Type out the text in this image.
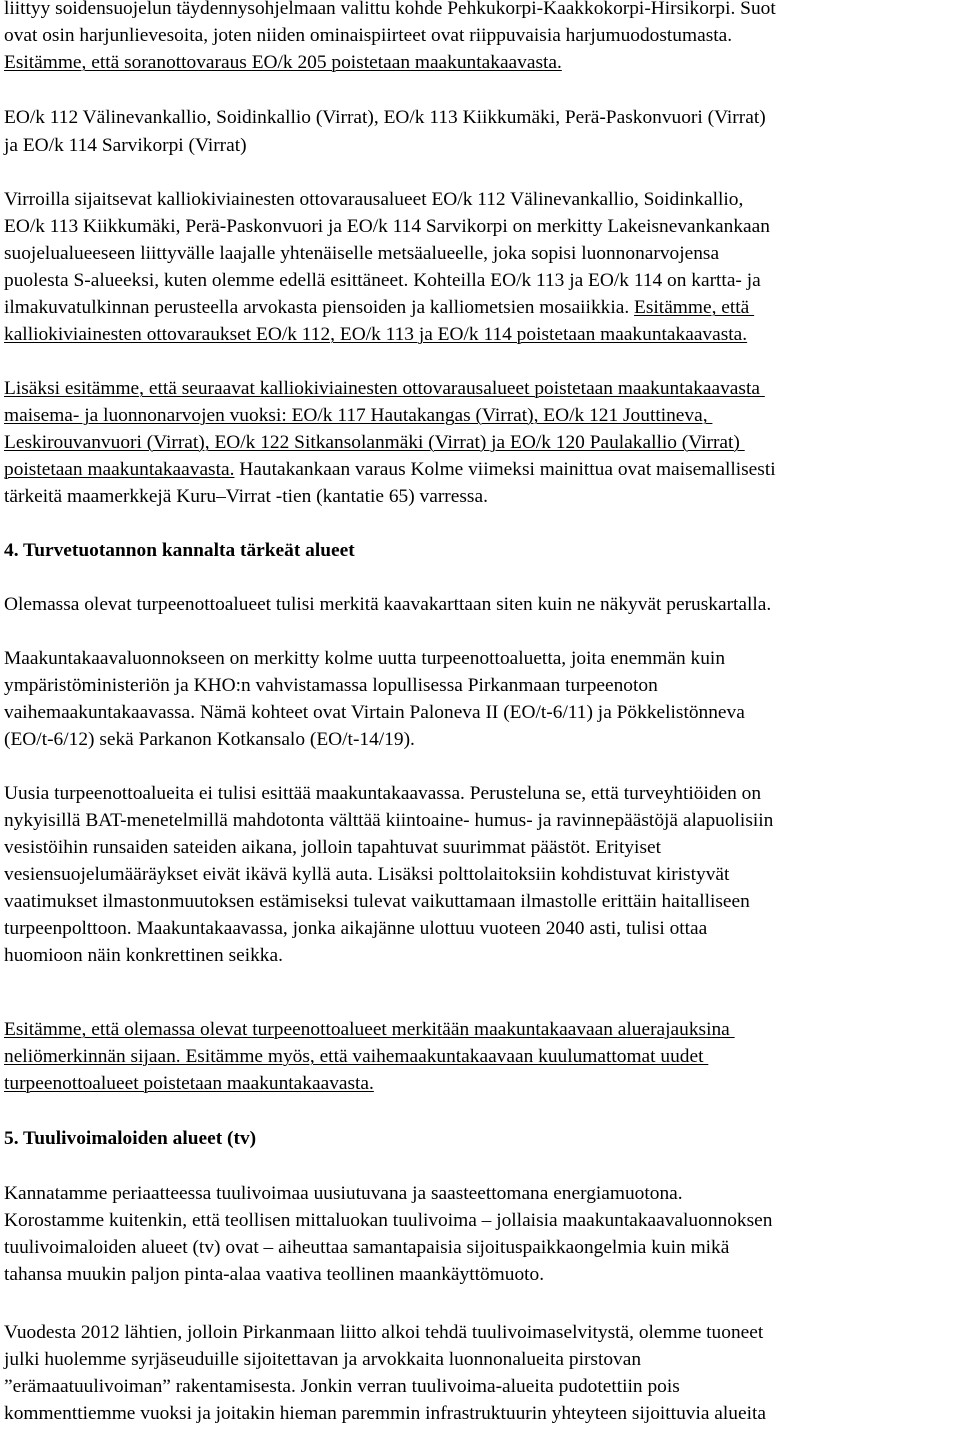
liittyy soidensuojelun täydennysohjelmaan valittu kohde Pehkukorpi-Kaakkokorpi-Hirsikorpi. Suot
ovat osin harjunlievesoita, joten niiden ominaispiirteet ovat riippuvaisia harjumuodostumasta.
Esitämme, että soranottovaraus EO/k 205 poistetaan maakuntakaavasta.
EO/k 112 Välinevankallio, Soidinkallio (Virrat), EO/k 113 Kiikkumäki, Perä-Paskonvuori (Virrat)
ja EO/k 114 Sarvikorpi (Virrat)
Virroilla sijaitsevat kalliokiviainesten ottovarausalueet EO/k 112 Välinevankallio, Soidinkallio,
EO/k 113 Kiikkumäki, Perä-Paskonvuori ja EO/k 114 Sarvikorpi on merkitty Lakeisnevankankaan
suojelualueeseen liittyvälle laajalle yhtenäiselle metsäalueelle, joka sopisi luonnonarvojensa
puolesta S-alueeksi, kuten olemme edellä esittäneet. Kohteilla EO/k 113 ja EO/k 114 on kartta- ja
ilmakuvatulkinnan perusteella arvokasta piensoiden ja kalliometsien mosaiikkia. Esitämme, että
kalliokiviainesten ottovaraukset EO/k 112, EO/k 113 ja EO/k 114 poistetaan maakuntakaavasta.
Lisäksi esitämme, että seuraavat kalliokiviainesten ottovarausalueet poistetaan maakuntakaavasta
maisema- ja luonnonarvojen vuoksi: EO/k 117 Hautakangas (Virrat), EO/k 121 Jouttineva,
Leskirouvanvuori (Virrat), EO/k 122 Sitkansolanmäki (Virrat) ja EO/k 120 Paulakallio (Virrat)
poistetaan maakuntakaavasta. Hautakankaan varaus Kolme viimeksi mainittua ovat maisemallisesti
tärkeitä maamerkkejä Kuru–Virrat -tien (kantatie 65) varressa.
4. Turvetuotannon kannalta tärkeät alueet
Olemassa olevat turpeenottoalueet tulisi merkitä kaavakarttaan siten kuin ne näkyvät peruskartalla.
Maakuntakaavaluonnokseen on merkitty kolme uutta turpeenottoaluetta, joita enemmän kuin
ympäristöministeriön ja KHO:n vahvistamassa lopullisessa Pirkanmaan turpeenoton
vaihemaakuntakaavassa. Nämä kohteet ovat Virtain Paloneva II (EO/t-6/11) ja Pökkelistönneva
(EO/t-6/12) sekä Parkanon Kotkansalo (EO/t-14/19).
Uusia turpeenottoalueita ei tulisi esittää maakuntakaavassa. Perusteluna se, että turveyhtiöiden on
nykyisillä BAT-menetelmillä mahdotonta välttää kiintoaine- humus- ja ravinnepäästöjä alapuolisiin
vesistöihin runsaiden sateiden aikana, jolloin tapahtuvat suurimmat päästöt. Erityiset
vesiensuojelumääräykset eivät ikävä kyllä auta. Lisäksi polttolaitoksiin kohdistuvat kiristyvät
vaatimukset ilmastonmuutoksen estämiseksi tulevat vaikuttamaan ilmastolle erittäin haitalliseen
turpeenpolttoon. Maakuntakaavassa, jonka aikajänne ulottuu vuoteen 2040 asti, tulisi ottaa
huomioon näin konkrettinen seikka.
Esitämme, että olemassa olevat turpeenottoalueet merkitään maakuntakaavaan aluerajauksina
neliömerkinnän sijaan. Esitämme myös, että vaihemaakuntakaavaan kuulumattomat uudet
turpeenottoalueet poistetaan maakuntakaavasta.
5. Tuulivoimaloiden alueet (tv)
Kannatamme periaatteessa tuulivoimaa uusiutuvana ja saasteettomana energiamuotona.
Korostamme kuitenkin, että teollisen mittaluokan tuulivoima – jollaisia maakuntakaavaluonnoksen
tuulivoimaloiden alueet (tv) ovat – aiheuttaa samantapaisia sijoituspaikkaongelmia kuin mikä
tahansa muukin paljon pinta-alaa vaativa teollinen maankäyttömuoto.
Vuodesta 2012 lähtien, jolloin Pirkanmaan liitto alkoi tehdä tuulivoimaselvitystä, olemme tuoneet
julki huolemme syrjäseuduille sijoitettavan ja arvokkaita luonnonalueita pirstovan
”erämaatuulivoiman” rakentamisesta. Jonkin verran tuulivoima-alueita pudotettiin pois
kommenttiemme vuoksi ja joitakin hieman paremmin infrastruktuurin yhteyteen sijoittuvia alueita
